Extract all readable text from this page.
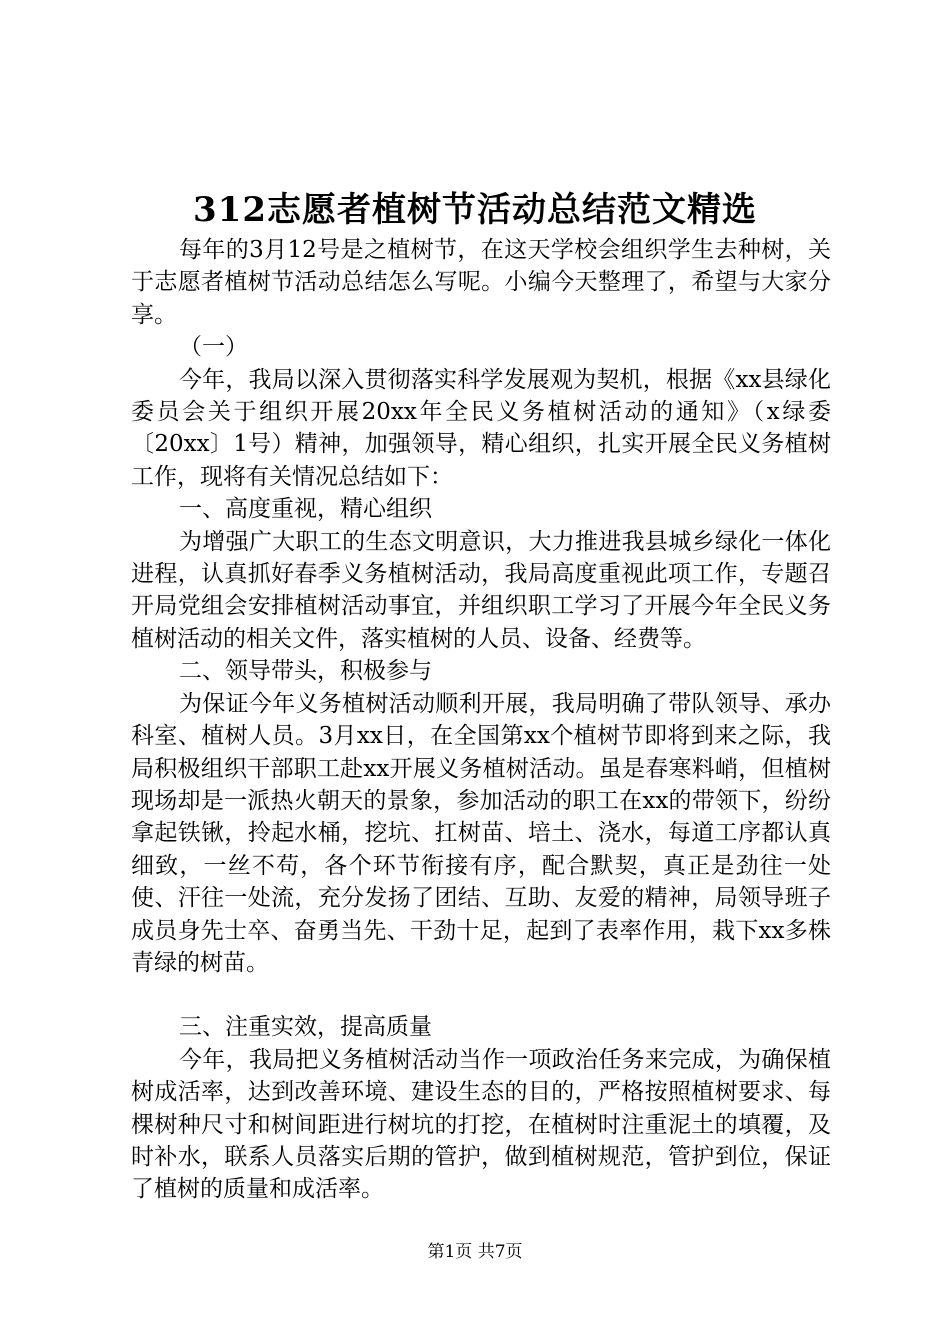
312志愿者植树节活动总结范文精选

每年的3月12号是之植树节，在这天学校会组织学生去种树，关于志愿者植树节活动总结怎么写呢。小编今天整理了，希望与大家分享。

（一）

今年，我局以深入贯彻落实科学发展观为契机，根据《xx县绿化委员会关于组织开展20xx年全民义务植树活动的通知》（x绿委〔20xx〕1号）精神，加强领导，精心组织，扎实开展全民义务植树工作，现将有关情况总结如下：

一、高度重视，精心组织

为增强广大职工的生态文明意识，大力推进我县城乡绿化一体化进程，认真抓好春季义务植树活动，我局高度重视此项工作，专题召开局党组会安排植树活动事宜，并组织职工学习了开展今年全民义务植树活动的相关文件，落实植树的人员、设备、经费等。

二、领导带头，积极参与

为保证今年义务植树活动顺利开展，我局明确了带队领导、承办科室、植树人员。3月xx日，在全国第xx个植树节即将到来之际，我局积极组织干部职工赴xx开展义务植树活动。虽是春寒料峭，但植树现场却是一派热火朝天的景象，参加活动的职工在xx的带领下，纷纷拿起铁锹，拎起水桶，挖坑、扛树苗、培土、浇水，每道工序都认真细致，一丝不苟，各个环节衔接有序，配合默契，真正是劲往一处使、汗往一处流，充分发扬了团结、互助、友爱的精神，局领导班子成员身先士卒、奋勇当先、干劲十足，起到了表率作用，栽下xx多株青绿的树苗。

三、注重实效，提高质量

今年，我局把义务植树活动当作一项政治任务来完成，为确保植树成活率，达到改善环境、建设生态的目的，严格按照植树要求、每棵树种尺寸和树间距进行树坑的打挖，在植树时注重泥土的填覆，及时补水，联系人员落实后期的管护，做到植树规范，管护到位，保证了植树的质量和成活率。

第1页 共7页
